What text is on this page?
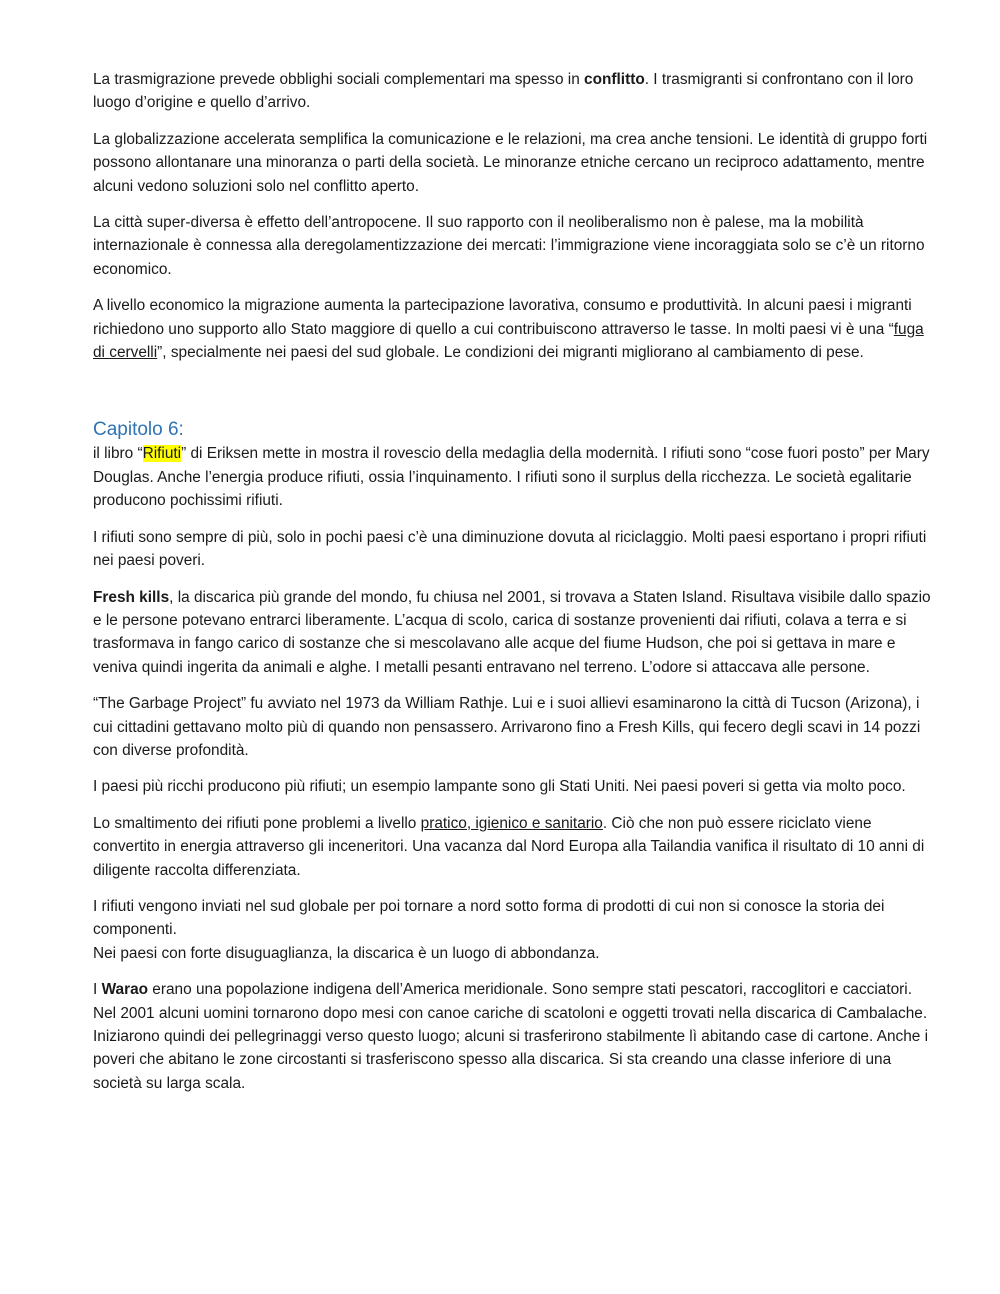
La trasmigrazione prevede obblighi sociali complementari ma spesso in conflitto. I trasmigranti si confrontano con il loro luogo d’origine e quello d’arrivo.

La globalizzazione accelerata semplifica la comunicazione e le relazioni, ma crea anche tensioni. Le identità di gruppo forti possono allontanare una minoranza o parti della società. Le minoranze etniche cercano un reciproco adattamento, mentre alcuni vedono soluzioni solo nel conflitto aperto.

La città super-diversa è effetto dell’antropocene. Il suo rapporto con il neoliberalismo non è palese, ma la mobilità internazionale è connessa alla deregolamentizzazione dei mercati: l’immigrazione viene incoraggiata solo se c’è un ritorno economico.

A livello economico la migrazione aumenta la partecipazione lavorativa, consumo e produttività. In alcuni paesi i migranti richiedono uno supporto allo Stato maggiore di quello a cui contribuiscono attraverso le tasse. In molti paesi vi è una “fuga di cervelli”, specialmente nei paesi del sud globale. Le condizioni dei migranti migliorano al cambiamento di pese.

Capitolo 6:

il libro “Rifiuti” di Eriksen mette in mostra il rovescio della medaglia della modernità. I rifiuti sono “cose fuori posto” per Mary Douglas. Anche l’energia produce rifiuti, ossia l’inquinamento. I rifiuti sono il surplus della ricchezza. Le società egalitarie producono pochissimi rifiuti.

I rifiuti sono sempre di più, solo in pochi paesi c’è una diminuzione dovuta al riciclaggio. Molti paesi esportano i propri rifiuti nei paesi poveri.

Fresh kills, la discarica più grande del mondo, fu chiusa nel 2001, si trovava a Staten Island. Risultava visibile dallo spazio e le persone potevano entrarci liberamente. L’acqua di scolo, carica di sostanze provenienti dai rifiuti, colava a terra e si trasformava in fango carico di sostanze che si mescolavano alle acque del fiume Hudson, che poi si gettava in mare e veniva quindi ingerita da animali e alghe. I metalli pesanti entravano nel terreno. L’odore si attaccava alle persone.

“The Garbage Project” fu avviato nel 1973 da William Rathje. Lui e i suoi allievi esaminarono la città di Tucson (Arizona), i cui cittadini gettavano molto più di quando non pensassero. Arrivarono fino a Fresh Kills, qui fecero degli scavi in 14 pozzi con diverse profondità.

I paesi più ricchi producono più rifiuti; un esempio lampante sono gli Stati Uniti. Nei paesi poveri si getta via molto poco.

Lo smaltimento dei rifiuti pone problemi a livello pratico, igienico e sanitario. Ciò che non può essere riciclato viene convertito in energia attraverso gli inceneritori. Una vacanza dal Nord Europa alla Tailandia vanifica il risultato di 10 anni di diligente raccolta differenziata.

I rifiuti vengono inviati nel sud globale per poi tornare a nord sotto forma di prodotti di cui non si conosce la storia dei componenti.

Nei paesi con forte disuguaglianza, la discarica è un luogo di abbondanza.

I Warao erano una popolazione indigena dell’America meridionale. Sono sempre stati pescatori, raccoglitori e cacciatori. Nel 2001 alcuni uomini tornarono dopo mesi con canoe cariche di scatoloni e oggetti trovati nella discarica di Cambalache. Iniziarono quindi dei pellegrinaggi verso questo luogo; alcuni si trasferirono stabilmente lì abitando case di cartone. Anche i poveri che abitano le zone circostanti si trasferiscono spesso alla discarica. Si sta creando una classe inferiore di una società su larga scala.
